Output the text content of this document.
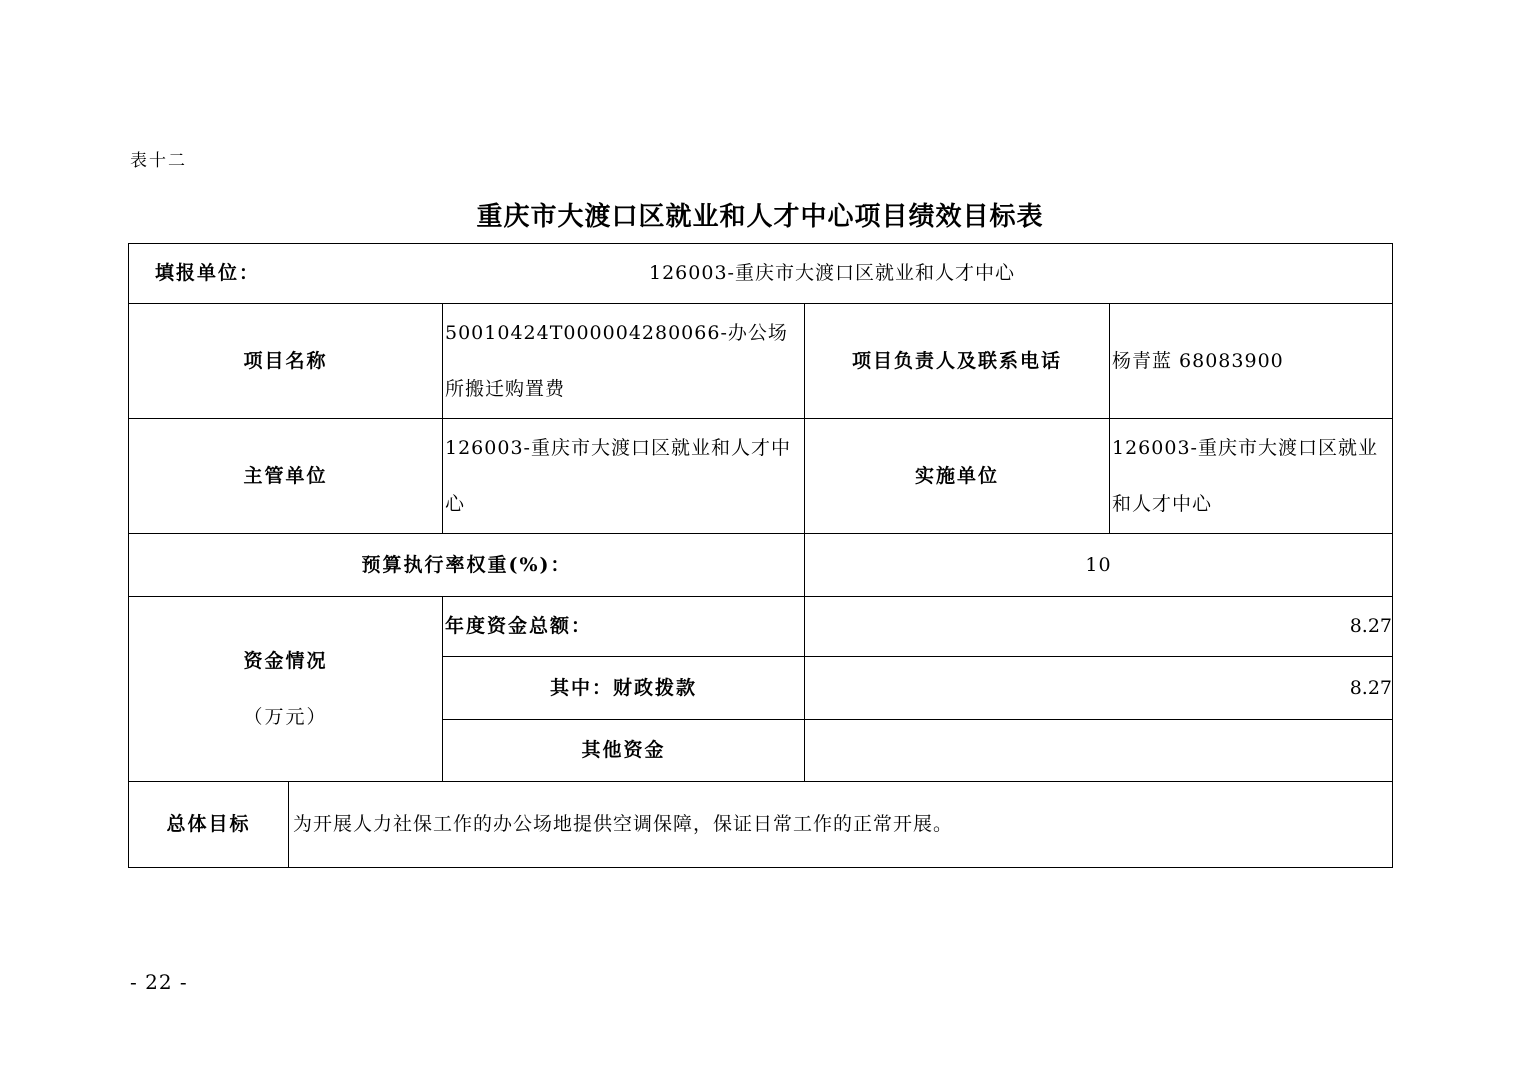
表十二
重庆市大渡口区就业和人才中心项目绩效目标表
填报单位： 126003-重庆市大渡口区就业和人才中心				
项目名称		50010424T000004280066-办公场所搬迁购置费	项目负责人及联系电话	杨青蓝 68083900
主管单位		126003-重庆市大渡口区就业和人才中心	实施单位	126003-重庆市大渡口区就业和人才中心
预算执行率权重(%)：			10	

资金情况
（万元）		年度资金总额：	8.27	
		其中：财政拨款	8.27	
		其他资金		
总体目标	为开展人力社保工作的办公场地提供空调保障，保证日常工作的正常开展。			
- 22 -
